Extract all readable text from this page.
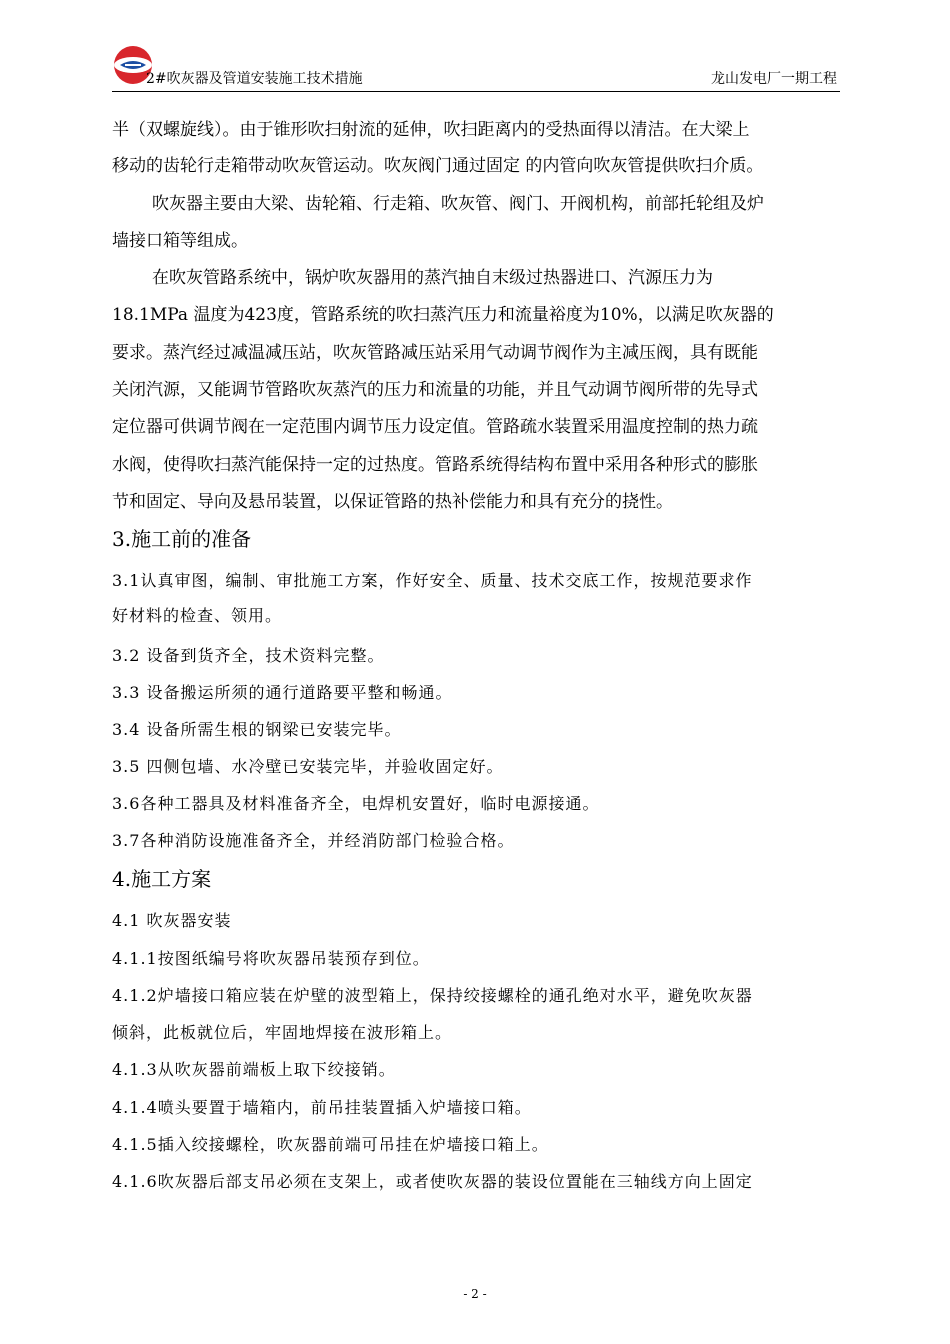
2#吹灰器及管道安装施工技术措施	龙山发电厂一期工程
半（双螺旋线）。由于锥形吹扫射流的延伸，吹扫距离内的受热面得以清洁。在大梁上
移动的齿轮行走箱带动吹灰管运动。吹灰阀门通过固定 的内管向吹灰管提供吹扫介质。
吹灰器主要由大梁、齿轮箱、行走箱、吹灰管、阀门、开阀机构，前部托轮组及炉
墙接口箱等组成。
在吹灰管路系统中，锅炉吹灰器用的蒸汽抽自末级过热器进口、汽源压力为
18.1MPa 温度为423度，管路系统的吹扫蒸汽压力和流量裕度为10%，以满足吹灰器的
要求。蒸汽经过减温减压站，吹灰管路减压站采用气动调节阀作为主减压阀，具有既能
关闭汽源，又能调节管路吹灰蒸汽的压力和流量的功能，并且气动调节阀所带的先导式
定位器可供调节阀在一定范围内调节压力设定值。管路疏水装置采用温度控制的热力疏
水阀，使得吹扫蒸汽能保持一定的过热度。管路系统得结构布置中采用各种形式的膨胀
节和固定、导向及悬吊装置，以保证管路的热补偿能力和具有充分的挠性。
3.施工前的准备
3.1认真审图，编制、审批施工方案，作好安全、质量、技术交底工作，按规范要求作
好材料的检查、领用。
3.2 设备到货齐全，技术资料完整。
3.3 设备搬运所须的通行道路要平整和畅通。
3.4 设备所需生根的钢梁已安装完毕。
3.5 四侧包墙、水冷壁已安装完毕，并验收固定好。
3.6各种工器具及材料准备齐全，电焊机安置好，临时电源接通。
3.7各种消防设施准备齐全，并经消防部门检验合格。
4.施工方案
4.1 吹灰器安装
4.1.1按图纸编号将吹灰器吊装预存到位。
4.1.2炉墙接口箱应装在炉壁的波型箱上，保持绞接螺栓的通孔绝对水平，避免吹灰器
倾斜，此板就位后，牢固地焊接在波形箱上。
4.1.3从吹灰器前端板上取下绞接销。
4.1.4喷头要置于墙箱内，前吊挂装置插入炉墙接口箱。
4.1.5插入绞接螺栓，吹灰器前端可吊挂在炉墙接口箱上。
4.1.6吹灰器后部支吊必须在支架上，或者使吹灰器的装设位置能在三轴线方向上固定
- 2 -
